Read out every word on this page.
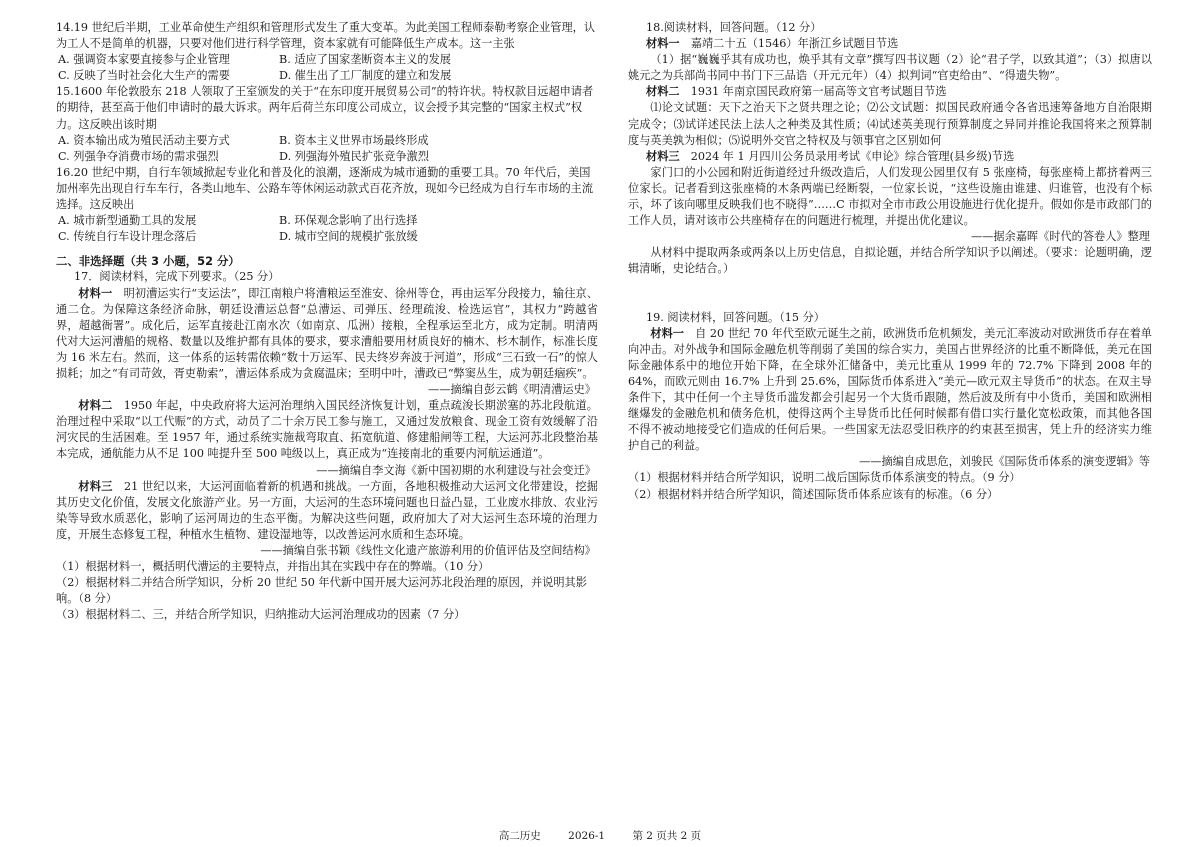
14.19 世纪后半期，工业革命使生产组织和管理形式发生了重大变革。为此美国工程师泰勒考察企业管理，认为工人不是简单的机器，只要对他们进行科学管理，资本家就有可能降低生产成本。这一主张

A. 强调资本家要直接参与企业管理	B. 适应了国家垄断资本主义的发展
C. 反映了当时社会化大生产的需要	D. 催生出了工厂制度的建立和发展

15.1600 年伦敦股东 218 人领取了王室颁发的关于“在东印度开展贸易公司”的特许状。特权款目远超申请者的期待，甚至高于他们申请时的最大诉求。两年后荷兰东印度公司成立，议会授予其完整的“国家主权式”权力。这反映出该时期

A. 资本输出成为殖民活动主要方式	B. 资本主义世界市场最终形成
C. 列强争夺消费市场的需求强烈	D. 列强海外殖民扩张竞争激烈

16.20 世纪中期，自行车领域掀起专业化和普及化的浪潮，逐渐成为城市通勤的重要工具。70 年代后，美国加州率先出现自行车车行，各类山地车、公路车等休闲运动款式百花齐放，现如今已经成为自行车市场的主流选择。这反映出

A. 城市新型通勤工具的发展	B. 环保观念影响了出行选择
C. 传统自行车设计理念落后	D. 城市空间的规模扩张放缓

二、非选择题（共 3 小题，52 分）

17．阅读材料，完成下列要求。（25 分）

材料一　 明初漕运实行“支运法”，即江南粮户将漕粮运至淮安、徐州等仓，再由运军分段接力，输往京、通二仓。为保障这条经济命脉，朝廷设漕运总督“总漕运、司弹压、经理疏浚、检选运官”，其权力“跨越省界，超越衙署”。成化后，运军直接赴江南水次（如南京、瓜洲）接粮，全程承运至北方，成为定制。明清两代对大运河漕船的规格、数量以及维护都有具体的要求，要求漕船要用材质良好的楠木、杉木制作，标准长度为 16 米左右。然而，这一体系的运转需依赖“数十万运军、民夫终岁奔波于河道”，形成“三石致一石”的惊人损耗；加之“有司苛敛，胥吏勒索”，漕运体系成为贪腐温床；至明中叶，漕政已“弊窦丛生，成为朝廷痼疾”。

——摘编自彭云鹤《明清漕运史》

材料二　 1950 年起，中央政府将大运河治理纳入国民经济恢复计划，重点疏浚长期淤塞的苏北段航道。治理过程中采取“以工代赈”的方式，动员了二十余万民工参与施工，又通过发放粮食、现金工资有效缓解了沿河灾民的生活困难。至 1957 年，通过系统实施裁弯取直、拓宽航道、修建船闸等工程，大运河苏北段整治基本完成，通航能力从不足 100 吨提升至 500 吨级以上，真正成为“连接南北的重要内河航运通道”。

——摘编自李文海《新中国初期的水利建设与社会变迁》

材料三　 21 世纪以来，大运河面临着新的机遇和挑战。一方面，各地积极推动大运河文化带建设，挖掘其历史文化价值，发展文化旅游产业。另一方面，大运河的生态环境问题也日益凸显，工业废水排放、农业污染等导致水质恶化，影响了运河周边的生态平衡。为解决这些问题，政府加大了对大运河生态环境的治理力度，开展生态修复工程，种植水生植物、建设湿地等，以改善运河水质和生态环境。

——摘编自张书颖《线性文化遗产旅游利用的价值评估及空间结构》

（1）根据材料一，概括明代漕运的主要特点，并指出其在实践中存在的弊端。（10 分）

（2）根据材料二并结合所学知识，分析 20 世纪 50 年代新中国开展大运河苏北段治理的原因，并说明其影响。（8 分）

（3）根据材料二、三，并结合所学知识，归纳推动大运河治理成功的因素（7 分）

18.阅读材料，回答问题。（12 分）

材料一　 嘉靖二十五（1546）年浙江乡试题目节选

（1）据“巍巍乎其有成功也，焕乎其有文章”撰写四书议题（2）论“君子学，以致其道”；（3）拟唐以姚元之为兵部尚书同中书门下三品诰（开元元年）（4）拟判词“官吏给由”、“得遗失物”。

材料二　 1931 年南京国民政府第一届高等文官考试题目节选

⑴论文试题：天下之治天下之贤共理之论；⑵公文试题：拟国民政府通令各省迅速筹备地方自治限期完成令；⑶试详述民法上法人之种类及其性质；⑷试述英美现行预算制度之异同并推论我国将来之预算制度与英美孰为相似；⑸说明外交官之特权及与领事官之区别如何

材料三　 2024 年 1 月四川公务员录用考试《申论》综合管理(县乡级)节选

家门口的小公园和附近街道经过升级改造后，人们发现公园里仅有 5 张座椅，每张座椅上都挤着两三位家长。记者看到这张座椅的木条两端已经断裂，一位家长说，“这些设施由谁建、归谁管，也没有个标示，坏了该向哪里反映我们也不晓得”……C 市拟对全市市政公用设施进行优化提升。假如你是市政部门的工作人员，请对该市公共座椅存在的问题进行梳理，并提出优化建议。

——据余嘉晖《时代的答卷人》整理

从材料中提取两条或两条以上历史信息，自拟论题，并结合所学知识予以阐述。（要求：论题明确，逻辑清晰，史论结合。）

19. 阅读材料，回答问题。（15 分）

材料一　 自 20 世纪 70 年代至欧元诞生之前，欧洲货币危机频发，美元汇率波动对欧洲货币存在着单向冲击。对外战争和国际金融危机等削弱了美国的综合实力，美国占世界经济的比重不断降低，美元在国际金融体系中的地位开始下降，在全球外汇储备中，美元比重从 1999 年的 72.7% 下降到 2008 年的 64%，而欧元则由 16.7% 上升到 25.6%，国际货币体系进入“美元—欧元双主导货币”的状态。在双主导条件下，其中任何一个主导货币滥发都会引起另一个大货币跟随，然后波及所有中小货币，美国和欧洲相继爆发的金融危机和债务危机，使得这两个主导货币比任何时候都有借口实行量化宽松政策，而其他各国不得不被动地接受它们造成的任何后果。一些国家无法忍受旧秩序的约束甚至损害，凭上升的经济实力维护自己的利益。

——摘编自成思危，刘骏民《国际货币体系的演变逻辑》等

（1）根据材料并结合所学知识，说明二战后国际货币体系演变的特点。（9 分）

（2）根据材料并结合所学知识，简述国际货币体系应该有的标准。（6 分）

高二历史	2026-1	第 2 页共 2 页
